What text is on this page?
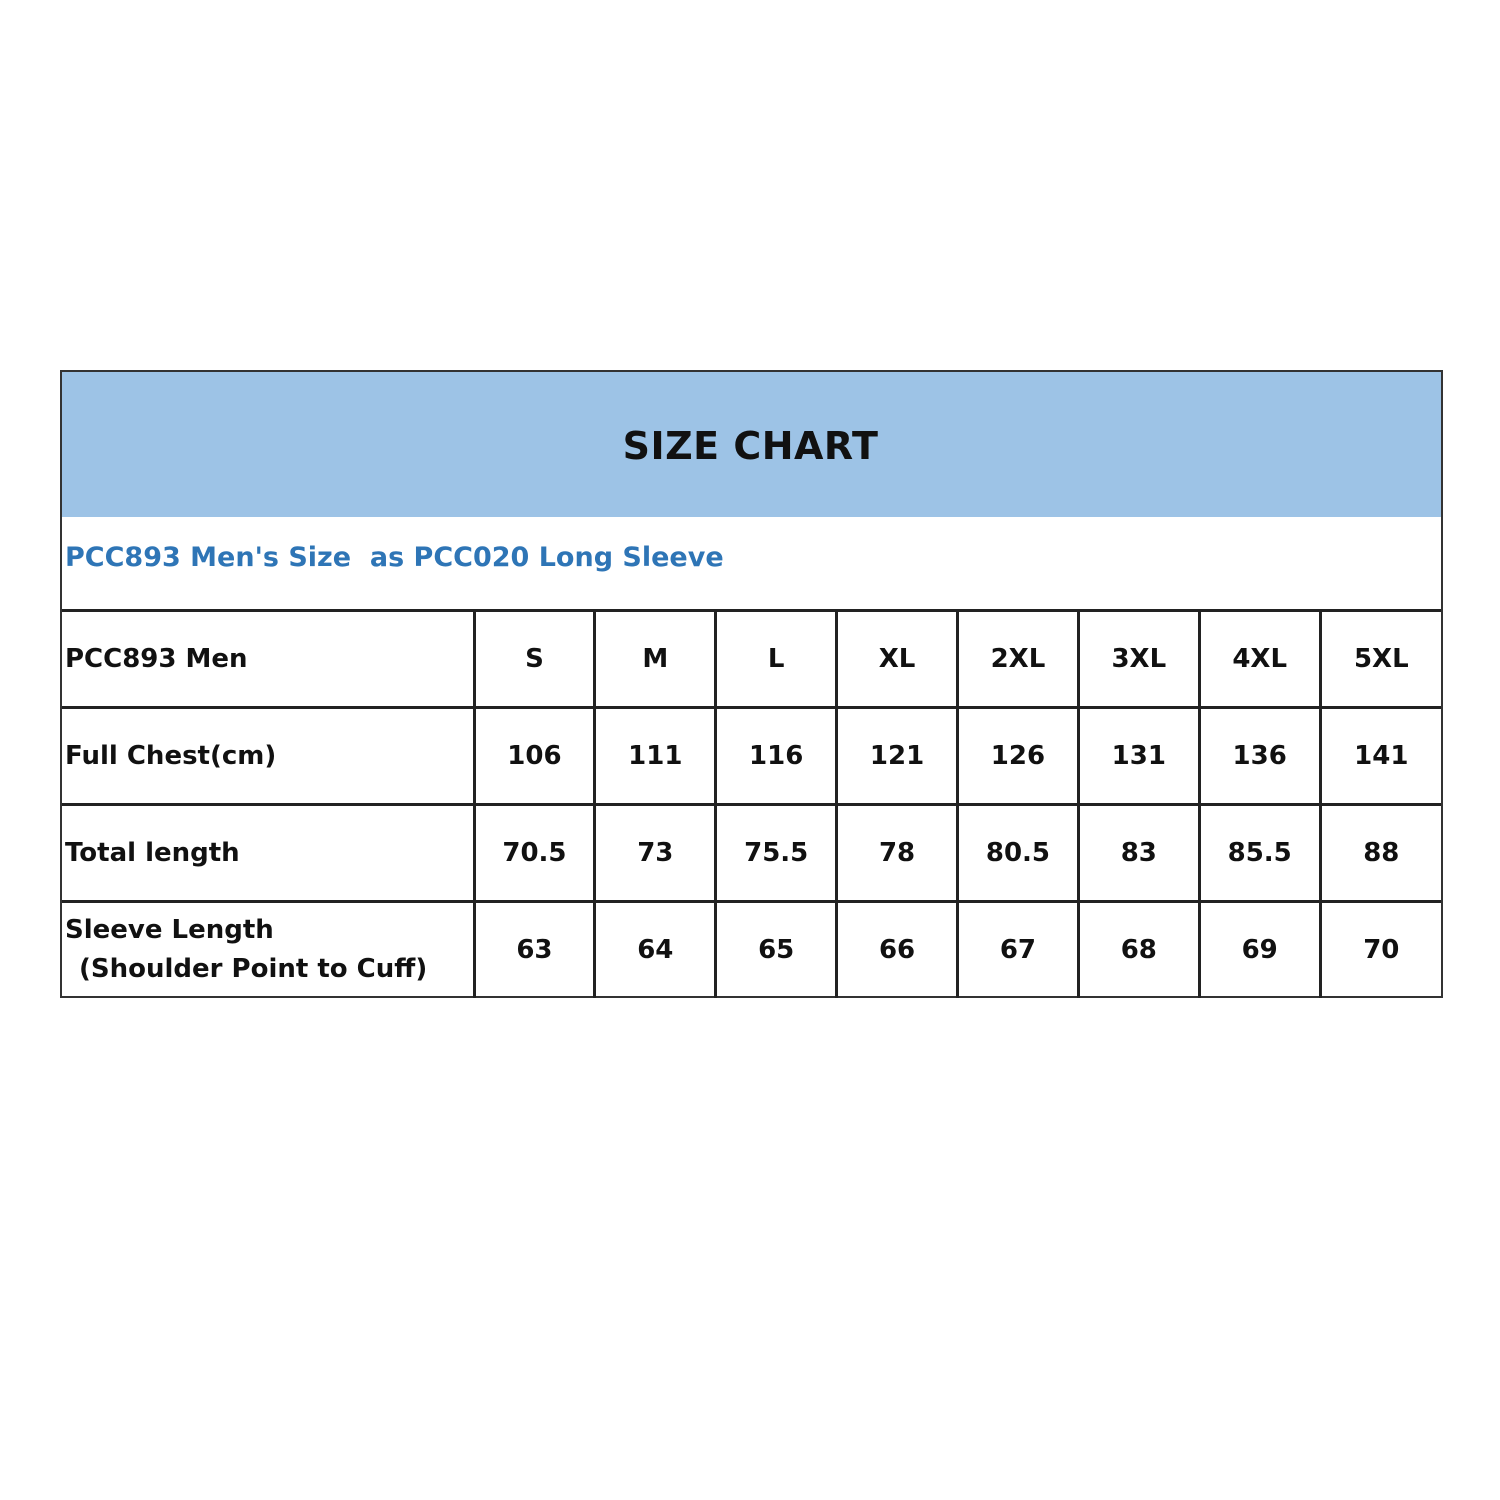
SIZE CHART
PCC893 Men's Size  as PCC020 Long Sleeve
PCC893 Men	S	M	L	XL	2XL	3XL	4XL	5XL
Full Chest(cm)	106	111	116	121	126	131	136	141
Total length	70.5	73	75.5	78	80.5	83	85.5	88
Sleeve Length
(Shoulder Point to Cuff)	63	64	65	66	67	68	69	70
